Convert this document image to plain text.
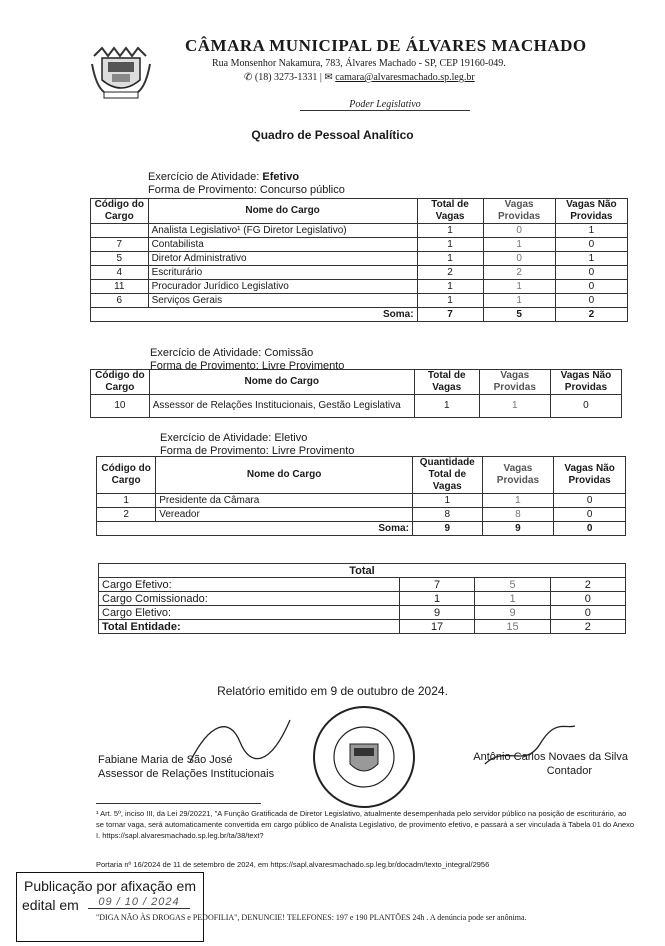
CÂMARA MUNICIPAL DE ÁLVARES MACHADO
Rua Monsenhor Nakamura, 783, Álvares Machado - SP, CEP 19160-049.
✆ (18) 3273-1331 | ✉ camara@alvaresmachado.sp.leg.br
Poder Legislativo
Quadro de Pessoal Analítico
Exercício de Atividade: Efetivo
Forma de Provimento: Concurso público
Código do Cargo	Nome do Cargo	Total de Vagas	Vagas Providas	Vagas Não Providas
	Analista Legislativo¹ (FG Diretor Legislativo)	1	0	1
7	Contabilista	1	1	0
5	Diretor Administrativo	1	0	1
4	Escriturário	2	2	0
11	Procurador Jurídico Legislativo	1	1	0
6	Serviços Gerais	1	1	0
Soma:		7	5	2
Exercício de Atividade: Comissão
Forma de Provimento: Livre Provimento
Código do Cargo	Nome do Cargo	Total de Vagas	Vagas Providas	Vagas Não Providas
10	Assessor de Relações Institucionais, Gestão Legislativa	1	1	0
Exercício de Atividade: Eletivo
Forma de Provimento: Livre Provimento
Código do Cargo	Nome do Cargo	Quantidade Total de Vagas	Vagas Providas	Vagas Não Providas
1	Presidente da Câmara	1	1	0
2	Vereador	8	8	0
Soma:		9	9	0
Total			
Cargo Efetivo:	7	5	2
Cargo Comissionado:	1	1	0
Cargo Eletivo:	9	9	0
Total Entidade:	17	15	2
Relatório emitido em 9 de outubro de 2024.
Fabiane Maria de São José
Assessor de Relações Institucionais
Antônio Carlos Novaes da Silva
Contador
¹ Art. 5º, inciso III, da Lei 29/20221, "A Função Gratificada de Diretor Legislativo, atualmente desempenhada pelo servidor público na posição de escriturário, ao se tornar vaga, será automaticamente convertida em cargo público de Analista Legislativo, de provimento efetivo, e passará a ser vinculada à Tabela 01 do Anexo I. https://sapl.alvaresmachado.sp.leg.br/ta/38/text?
Portaria nº 16/2024 de 11 de setembro de 2024, em https://sapl.alvaresmachado.sp.leg.br/docadm/texto_integral/2956
Publicação por afixação em
edital em	09 / 10 / 2024
"DIGA NÃO ÀS DROGAS e PEDOFILIA", DENUNCIE! TELEFONES: 197 e 190 PLANTÕES 24h . A denúncia pode ser anônima.
